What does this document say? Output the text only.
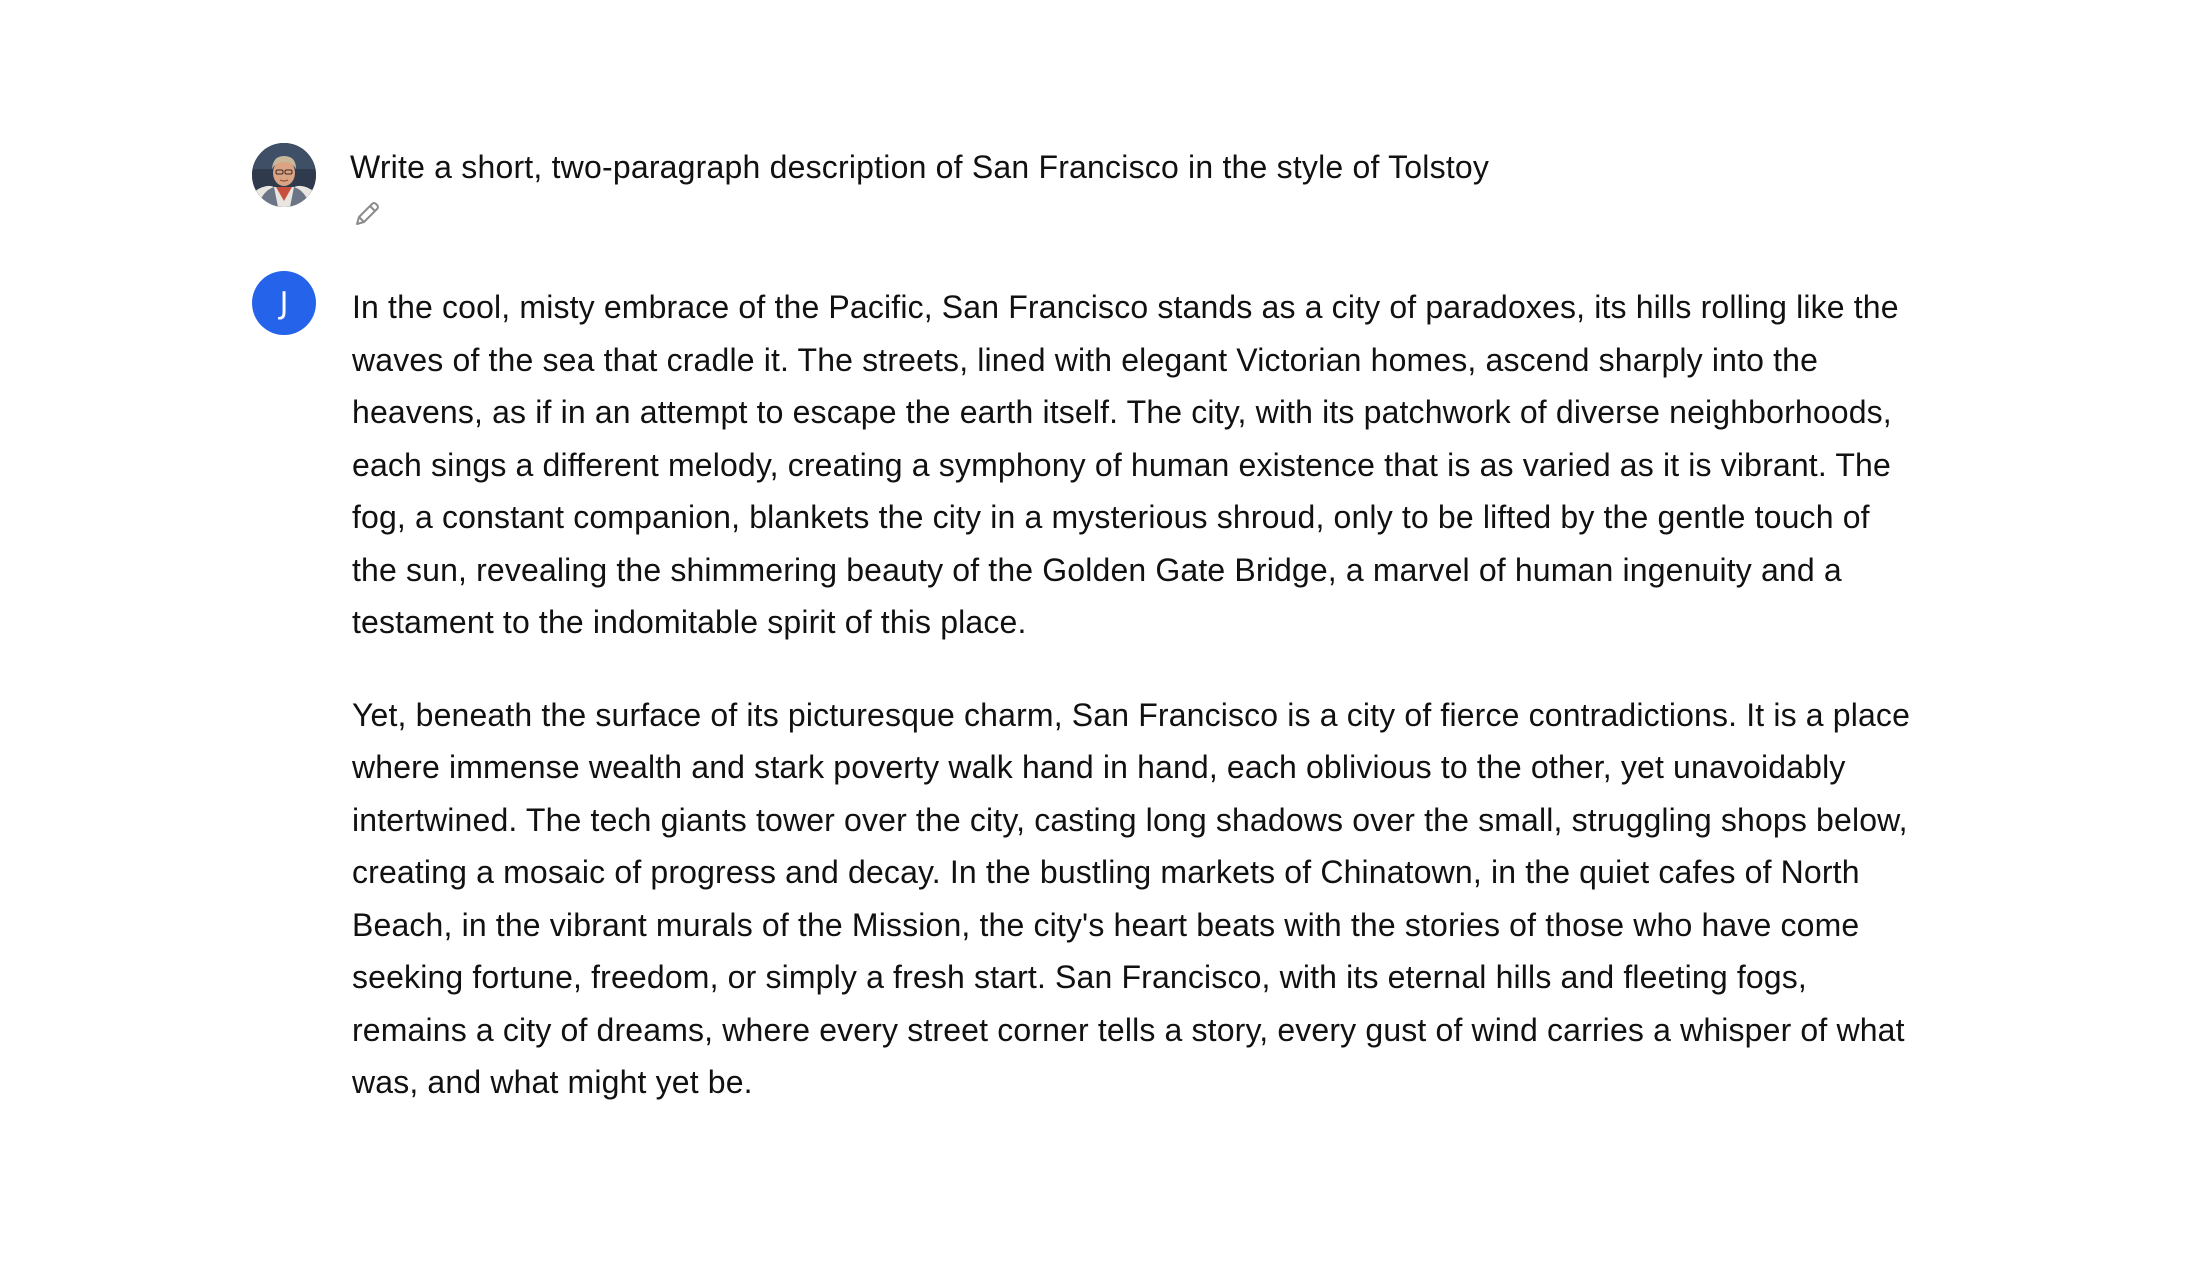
Write a short, two-paragraph description of San Francisco in the style of Tolstoy
J In the cool, misty embrace of the Pacific, San Francisco stands as a city of paradoxes, its hills rolling like the waves of the sea that cradle it. The streets, lined with elegant Victorian homes, ascend sharply into the heavens, as if in an attempt to escape the earth itself. The city, with its patchwork of diverse neighborhoods, each sings a different melody, creating a symphony of human existence that is as varied as it is vibrant. The fog, a constant companion, blankets the city in a mysterious shroud, only to be lifted by the gentle touch of the sun, revealing the shimmering beauty of the Golden Gate Bridge, a marvel of human ingenuity and a testament to the indomitable spirit of this place.

Yet, beneath the surface of its picturesque charm, San Francisco is a city of fierce contradictions. It is a place where immense wealth and stark poverty walk hand in hand, each oblivious to the other, yet unavoidably intertwined. The tech giants tower over the city, casting long shadows over the small, struggling shops below, creating a mosaic of progress and decay. In the bustling markets of Chinatown, in the quiet cafes of North Beach, in the vibrant murals of the Mission, the city's heart beats with the stories of those who have come seeking fortune, freedom, or simply a fresh start. San Francisco, with its eternal hills and fleeting fogs, remains a city of dreams, where every street corner tells a story, every gust of wind carries a whisper of what was, and what might yet be.
